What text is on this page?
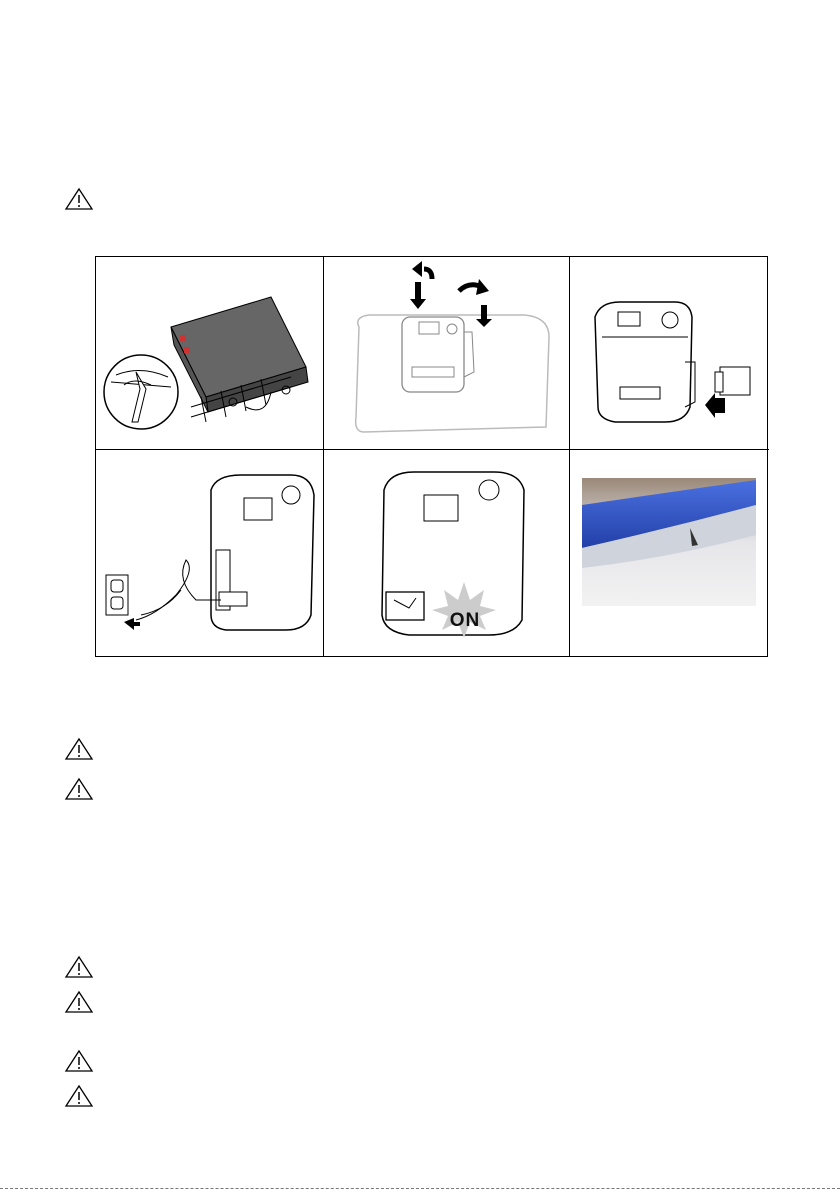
ON
